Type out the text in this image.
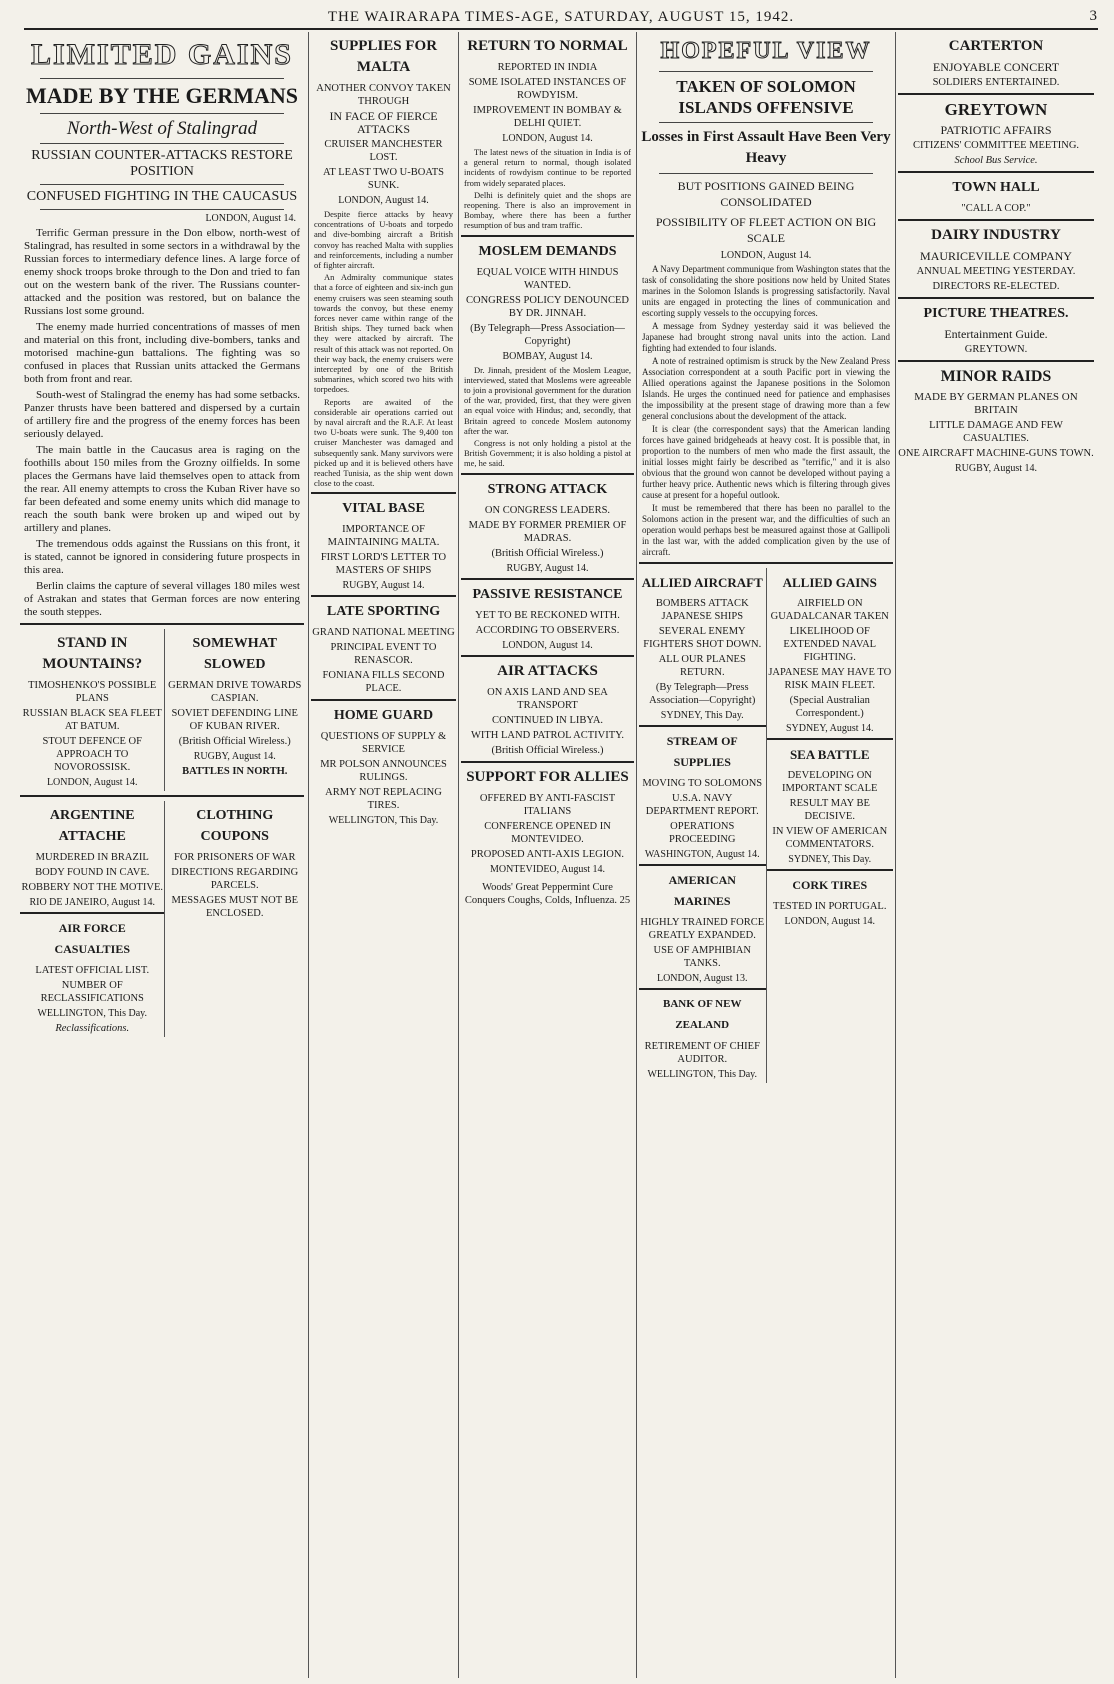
THE WAIRARAPA TIMES-AGE, SATURDAY, AUGUST 15, 1942.	3
LIMITED GAINS
MADE BY THE GERMANS
North-West of Stalingrad
RUSSIAN COUNTER-ATTACKS RESTORE POSITION
CONFUSED FIGHTING IN THE CAUCASUS
LONDON, August 14.

Terrific German pressure in the Don elbow, north-west of Stalingrad, has resulted in some sectors in a withdrawal by the Russian forces to intermediary defence lines. A large force of enemy shock troops broke through to the Don and tried to fan out on the western bank of the river. The Russians counter-attacked and the position was restored, but on balance the Russians lost some ground.

The enemy made hurried concentrations of masses of men and material on this front, including dive-bombers, tanks and motorised machine-gun battalions. The fighting was so confused in places that Russian units attacked the Germans both from front and rear.

South-west of Stalingrad the enemy has had some setbacks. Panzer thrusts have been battered and dispersed by a curtain of artillery fire and the progress of the enemy forces has been seriously delayed.

The main battle in the Caucasus area is raging on the foothills about 150 miles from the Grozny oilfields. In some places the Germans have laid themselves open to attack from the rear. All enemy attempts to cross the Kuban River have so far been defeated and some enemy units which did manage to reach the south bank were broken up and wiped out by artillery and planes.

The tremendous odds against the Russians on this front, it is stated, cannot be ignored in considering future prospects in this area.

Berlin claims the capture of several villages 180 miles west of Astrakan and states that German forces are now entering the south steppes.

STAND IN MOUNTAINS?
TIMOSHENKO'S POSSIBLE PLANS
RUSSIAN BLACK SEA FLEET AT BATUM.
STOUT DEFENCE OF APPROACH TO NOVOROSSISK.
LONDON, August 14.
SOMEWHAT SLOWED
GERMAN DRIVE TOWARDS CASPIAN.
SOVIET DEFENDING LINE OF KUBAN RIVER.
(British Official Wireless.)
RUGBY, August 14.
BATTLES IN NORTH.
ARGENTINE ATTACHE
MURDERED IN BRAZIL
BODY FOUND IN CAVE.
ROBBERY NOT THE MOTIVE.
RIO DE JANEIRO, August 14.
AIR FORCE CASUALTIES
LATEST OFFICIAL LIST.
NUMBER OF RECLASSIFICATIONS
WELLINGTON, This Day.
Reclassifications.
CLOTHING COUPONS
FOR PRISONERS OF WAR
DIRECTIONS REGARDING PARCELS.
MESSAGES MUST NOT BE ENCLOSED.
SUPPLIES FOR MALTA
ANOTHER CONVOY TAKEN THROUGH
IN FACE OF FIERCE ATTACKS
CRUISER MANCHESTER LOST.
AT LEAST TWO U-BOATS SUNK.
LONDON, August 14.

Despite fierce attacks by heavy concentrations of U-boats and torpedo and dive-bombing aircraft a British convoy has reached Malta with supplies and reinforcements, including a number of fighter aircraft.

An Admiralty communique states that a force of eighteen and six-inch gun enemy cruisers was seen steaming south towards the convoy, but these enemy forces never came within range of the British ships. They turned back when they were attacked by aircraft. The result of this attack was not reported. On their way back, the enemy cruisers were intercepted by one of the British submarines, which scored two hits with torpedoes.

Reports are awaited of the considerable air operations carried out by naval aircraft and the R.A.F. At least two U-boats were sunk. The 9,400 ton cruiser Manchester was damaged and subsequently sank. Many survivors were picked up and it is believed others have reached Tunisia, as the ship went down close to the coast.

VITAL BASE
IMPORTANCE OF MAINTAINING MALTA.
FIRST LORD'S LETTER TO MASTERS OF SHIPS
RUGBY, August 14.
LATE SPORTING
GRAND NATIONAL MEETING
PRINCIPAL EVENT TO RENASCOR.
FONIANA FILLS SECOND PLACE.
HOME GUARD
QUESTIONS OF SUPPLY & SERVICE
MR POLSON ANNOUNCES RULINGS.
ARMY NOT REPLACING TIRES.
WELLINGTON, This Day.
RETURN TO NORMAL
REPORTED IN INDIA
SOME ISOLATED INSTANCES OF ROWDYISM.
IMPROVEMENT IN BOMBAY & DELHI QUIET.
LONDON, August 14.

The latest news of the situation in India is of a general return to normal, though isolated incidents of rowdyism continue to be reported from widely separated places.

Delhi is definitely quiet and the shops are reopening. There is also an improvement in Bombay, where there has been a further resumption of bus and tram traffic.

MOSLEM DEMANDS
EQUAL VOICE WITH HINDUS WANTED.
CONGRESS POLICY DENOUNCED BY DR. JINNAH.
(By Telegraph—Press Association—Copyright)
BOMBAY, August 14.

Dr. Jinnah, president of the Moslem League, interviewed, stated that Moslems were agreeable to join a provisional government for the duration of the war, provided, first, that they were given an equal voice with Hindus; and, secondly, that Britain agreed to concede Moslem autonomy after the war.

Congress is not only holding a pistol at the British Government; it is also holding a pistol at me, he said.

STRONG ATTACK
ON CONGRESS LEADERS.
MADE BY FORMER PREMIER OF MADRAS.
(British Official Wireless.)
RUGBY, August 14.
PASSIVE RESISTANCE
YET TO BE RECKONED WITH.
ACCORDING TO OBSERVERS.
LONDON, August 14.
AIR ATTACKS
ON AXIS LAND AND SEA TRANSPORT
CONTINUED IN LIBYA.
WITH LAND PATROL ACTIVITY.
(British Official Wireless.)
SUPPORT FOR ALLIES
OFFERED BY ANTI-FASCIST ITALIANS
CONFERENCE OPENED IN MONTEVIDEO.
PROPOSED ANTI-AXIS LEGION.
MONTEVIDEO, August 14.
Woods' Great Peppermint Cure Conquers Coughs, Colds, Influenza. 25
HOPEFUL VIEW
TAKEN OF SOLOMON ISLANDS OFFENSIVE
Losses in First Assault Have Been Very Heavy
BUT POSITIONS GAINED BEING CONSOLIDATED
POSSIBILITY OF FLEET ACTION ON BIG SCALE
LONDON, August 14.

A Navy Department communique from Washington states that the task of consolidating the shore positions now held by United States marines in the Solomon Islands is progressing satisfactorily. Naval units are engaged in protecting the lines of communication and escorting supply vessels to the occupying forces.

A message from Sydney yesterday said it was believed the Japanese had brought strong naval units into the action. Land fighting had extended to four islands.

A note of restrained optimism is struck by the New Zealand Press Association correspondent at a south Pacific port in viewing the Allied operations against the Japanese positions in the Solomon Islands. He urges the continued need for patience and emphasises the impossibility at the present stage of drawing more than a few general conclusions about the development of the attack.

It is clear (the correspondent says) that the American landing forces have gained bridgeheads at heavy cost. It is possible that, in proportion to the numbers of men who made the first assault, the initial losses might fairly be described as "terrific," and it is also obvious that the ground won cannot be developed without paying a further heavy price. Authentic news which is filtering through gives cause at present for a hopeful outlook.

It must be remembered that there has been no parallel to the Solomons action in the present war, and the difficulties of such an operation would perhaps best be measured against those at Gallipoli in the last war, with the added complication given by the use of aircraft.

ALLIED AIRCRAFT
BOMBERS ATTACK JAPANESE SHIPS
SEVERAL ENEMY FIGHTERS SHOT DOWN.
ALL OUR PLANES RETURN.
(By Telegraph—Press Association—Copyright)
SYDNEY, This Day.
STREAM OF SUPPLIES
MOVING TO SOLOMONS
U.S.A. NAVY DEPARTMENT REPORT.
OPERATIONS PROCEEDING
WASHINGTON, August 14.
AMERICAN MARINES
HIGHLY TRAINED FORCE GREATLY EXPANDED.
USE OF AMPHIBIAN TANKS.
LONDON, August 13.
BANK OF NEW ZEALAND
RETIREMENT OF CHIEF AUDITOR.
WELLINGTON, This Day.
ALLIED GAINS
AIRFIELD ON GUADALCANAR TAKEN
LIKELIHOOD OF EXTENDED NAVAL FIGHTING.
JAPANESE MAY HAVE TO RISK MAIN FLEET.
(Special Australian Correspondent.)
SYDNEY, August 14.
SEA BATTLE
DEVELOPING ON IMPORTANT SCALE
RESULT MAY BE DECISIVE.
IN VIEW OF AMERICAN COMMENTATORS.
SYDNEY, This Day.
CORK TIRES
TESTED IN PORTUGAL.
LONDON, August 14.
CARTERTON
ENJOYABLE CONCERT
SOLDIERS ENTERTAINED.
GREYTOWN
PATRIOTIC AFFAIRS
CITIZENS' COMMITTEE MEETING.
School Bus Service.
TOWN HALL
"CALL A COP."
DAIRY INDUSTRY
MAURICEVILLE COMPANY
ANNUAL MEETING YESTERDAY.
DIRECTORS RE-ELECTED.
PICTURE THEATRES.
Entertainment Guide.
GREYTOWN.
MINOR RAIDS
MADE BY GERMAN PLANES ON BRITAIN
LITTLE DAMAGE AND FEW CASUALTIES.
ONE AIRCRAFT MACHINE-GUNS TOWN.
RUGBY, August 14.
